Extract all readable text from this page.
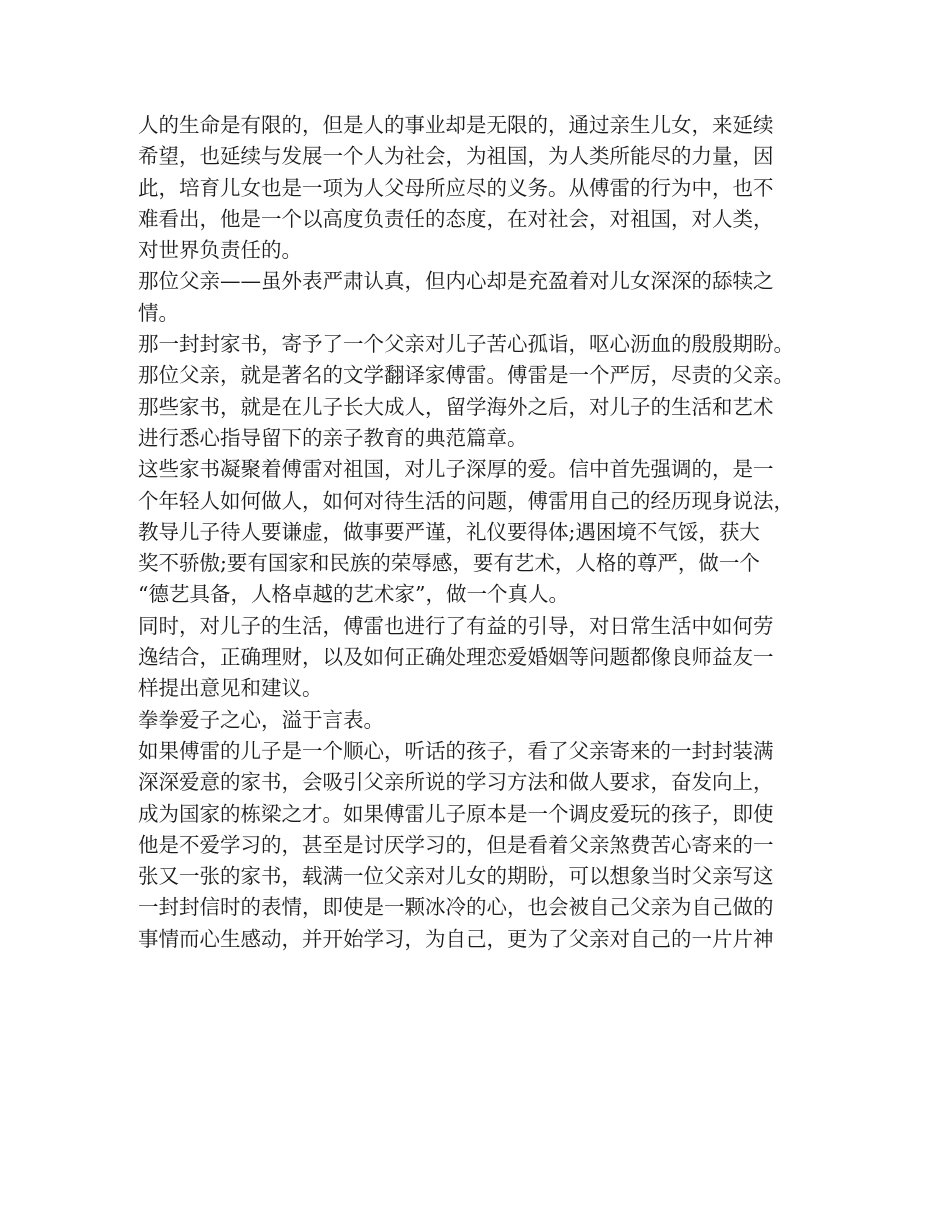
人的生命是有限的，但是人的事业却是无限的，通过亲生儿女，来延续
希望，也延续与发展一个人为社会，为祖国，为人类所能尽的力量，因
此，培育儿女也是一项为人父母所应尽的义务。从傅雷的行为中，也不
难看出，他是一个以高度负责任的态度，在对社会，对祖国，对人类，
对世界负责任的。
那位父亲——虽外表严肃认真，但内心却是充盈着对儿女深深的舔犊之
情。
那一封封家书，寄予了一个父亲对儿子苦心孤诣，呕心沥血的殷殷期盼。
那位父亲，就是著名的文学翻译家傅雷。傅雷是一个严厉，尽责的父亲。
那些家书，就是在儿子长大成人，留学海外之后，对儿子的生活和艺术
进行悉心指导留下的亲子教育的典范篇章。
这些家书凝聚着傅雷对祖国，对儿子深厚的爱。信中首先强调的，是一
个年轻人如何做人，如何对待生活的问题，傅雷用自己的经历现身说法，
教导儿子待人要谦虚，做事要严谨，礼仪要得体;遇困境不气馁，获大
奖不骄傲;要有国家和民族的荣辱感，要有艺术，人格的尊严，做一个
“德艺具备，人格卓越的艺术家”，做一个真人。
同时，对儿子的生活，傅雷也进行了有益的引导，对日常生活中如何劳
逸结合，正确理财，以及如何正确处理恋爱婚姻等问题都像良师益友一
样提出意见和建议。
拳拳爱子之心，溢于言表。
如果傅雷的儿子是一个顺心，听话的孩子，看了父亲寄来的一封封装满
深深爱意的家书，会吸引父亲所说的学习方法和做人要求，奋发向上，
成为国家的栋梁之才。如果傅雷儿子原本是一个调皮爱玩的孩子，即使
他是不爱学习的，甚至是讨厌学习的，但是看着父亲煞费苦心寄来的一
张又一张的家书，载满一位父亲对儿女的期盼，可以想象当时父亲写这
一封封信时的表情，即使是一颗冰冷的心，也会被自己父亲为自己做的
事情而心生感动，并开始学习，为自己，更为了父亲对自己的一片片神
